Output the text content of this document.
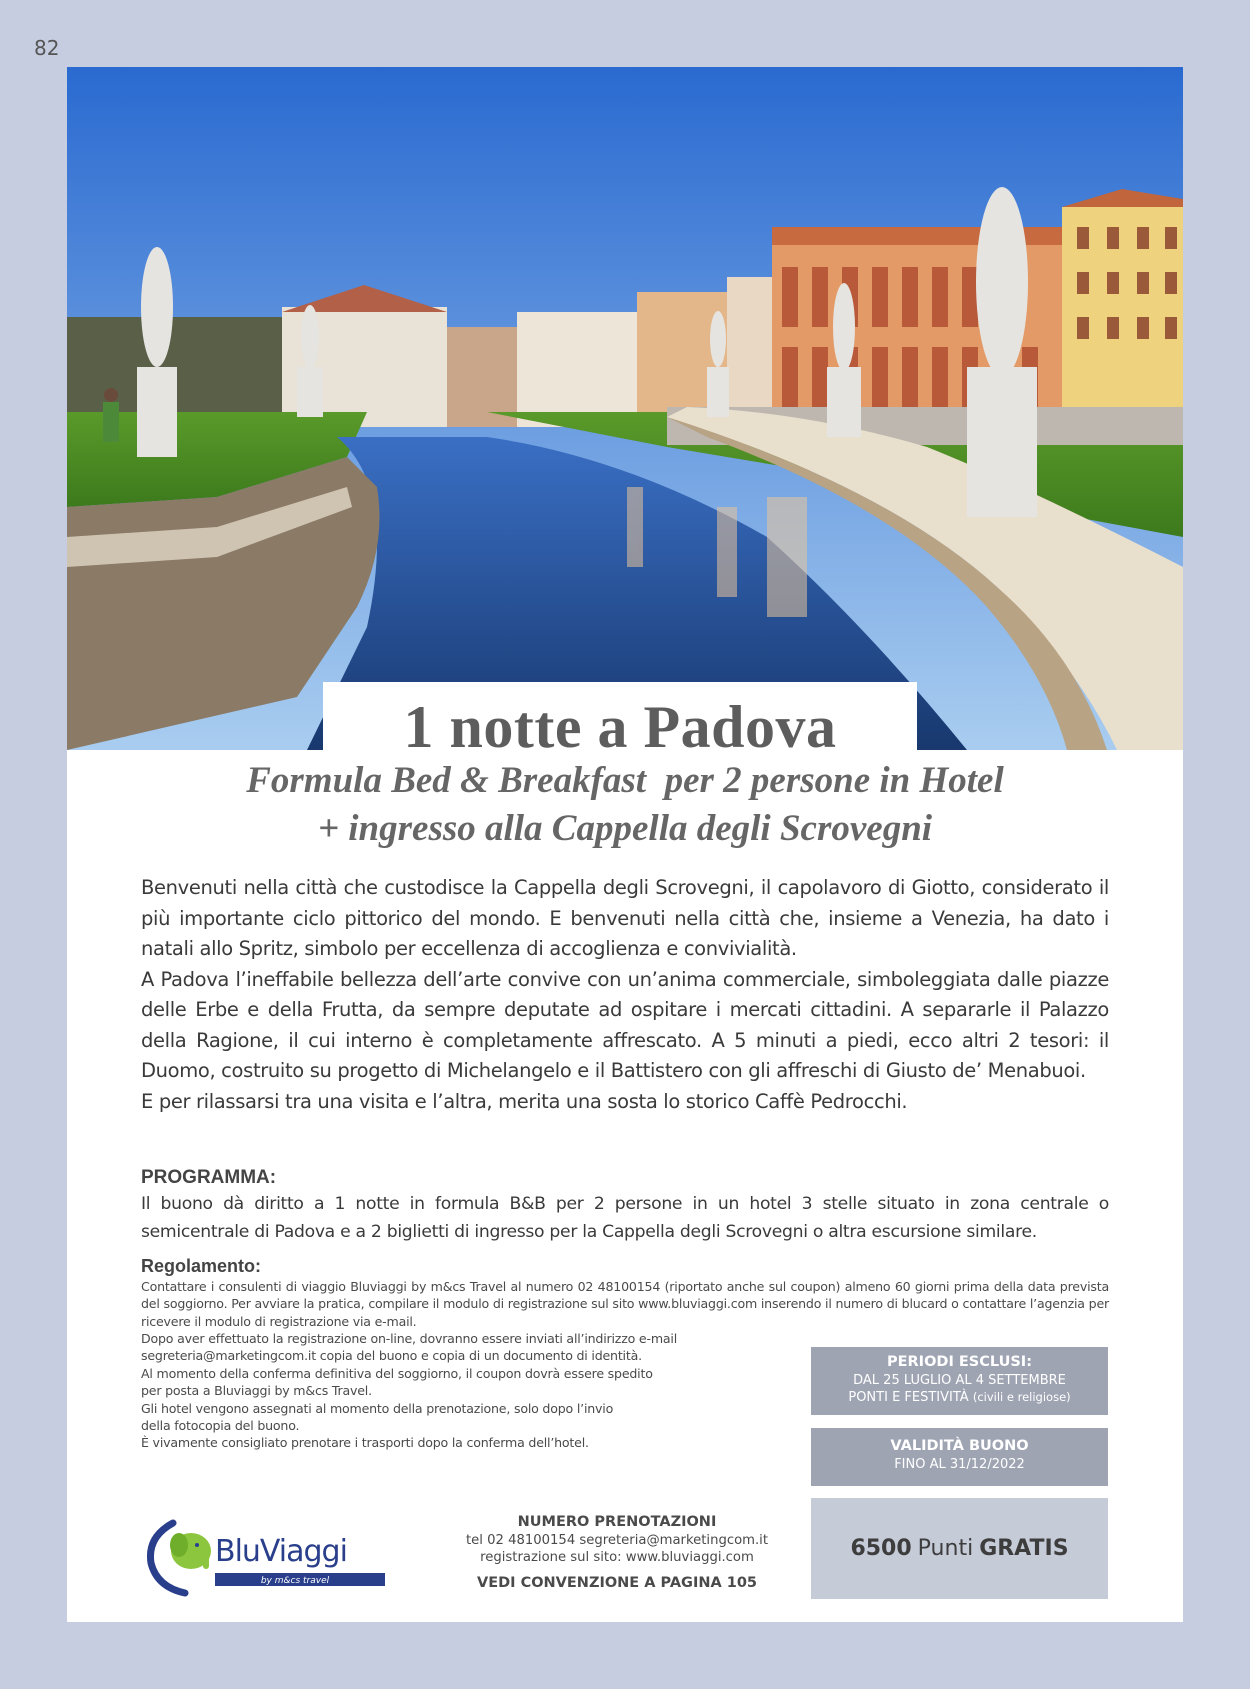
82
1 notte a Padova
Formula Bed & Breakfast  per 2 persone in Hotel
+ ingresso alla Cappella degli Scrovegni

Benvenuti nella città che custodisce la Cappella degli Scrovegni, il capolavoro di Giotto, considerato il più importante ciclo pittorico del mondo. E benvenuti nella città che, insieme a Venezia, ha dato i natali allo Spritz, simbolo per eccellenza di accoglienza e convivialità.

A Padova l’ineffabile bellezza dell’arte convive con un’anima commerciale, simboleggiata dalle piazze delle Erbe e della Frutta, da sempre deputate ad ospitare i mercati cittadini. A separarle il Palazzo della Ragione, il cui interno è completamente affrescato. A 5 minuti a piedi, ecco altri 2 tesori: il Duomo, costruito su progetto di Michelangelo e il Battistero con gli affreschi di Giusto de’ Menabuoi.

E per rilassarsi tra una visita e l’altra, merita una sosta lo storico Caffè Pedrocchi.

PROGRAMMA:
Il buono dà diritto a 1 notte in formula B&B per 2 persone in un hotel 3 stelle situato in zona centrale o semicentrale di Padova e a 2 biglietti di ingresso per la Cappella degli Scrovegni o altra escursione similare.
Regolamento:

Contattare i consulenti di viaggio Bluviaggi by m&cs Travel al numero 02 48100154 (riportato anche sul coupon) almeno 60 giorni prima della data prevista del soggiorno. Per avviare la pratica, compilare il modulo di registrazione sul sito www.bluviaggi.com inserendo il numero di blucard o contattare l’agenzia per ricevere il modulo di registrazione via e-mail.

Dopo aver effettuato la registrazione on-line, dovranno essere inviati all’indirizzo e-mail

segreteria@marketingcom.it copia del buono e copia di un documento di identità.

Al momento della conferma definitiva del soggiorno, il coupon dovrà essere spedito

per posta a Bluviaggi by m&cs Travel.

Gli hotel vengono assegnati al momento della prenotazione, solo dopo l’invio

della fotocopia del buono.

È vivamente consigliato prenotare i trasporti dopo la conferma dell’hotel.

PERIODI ESCLUSI:
DAL 25 LUGLIO AL 4 SETTEMBRE
PONTI E FESTIVITÀ (civili e religiose)
VALIDITÀ BUONO
FINO AL 31/12/2022
6500 Punti GRATIS
BluViaggi
by m&cs travel
NUMERO PRENOTAZIONI
tel 02 48100154 segreteria@marketingcom.it
registrazione sul sito: www.bluviaggi.com
VEDI CONVENZIONE A PAGINA 105
